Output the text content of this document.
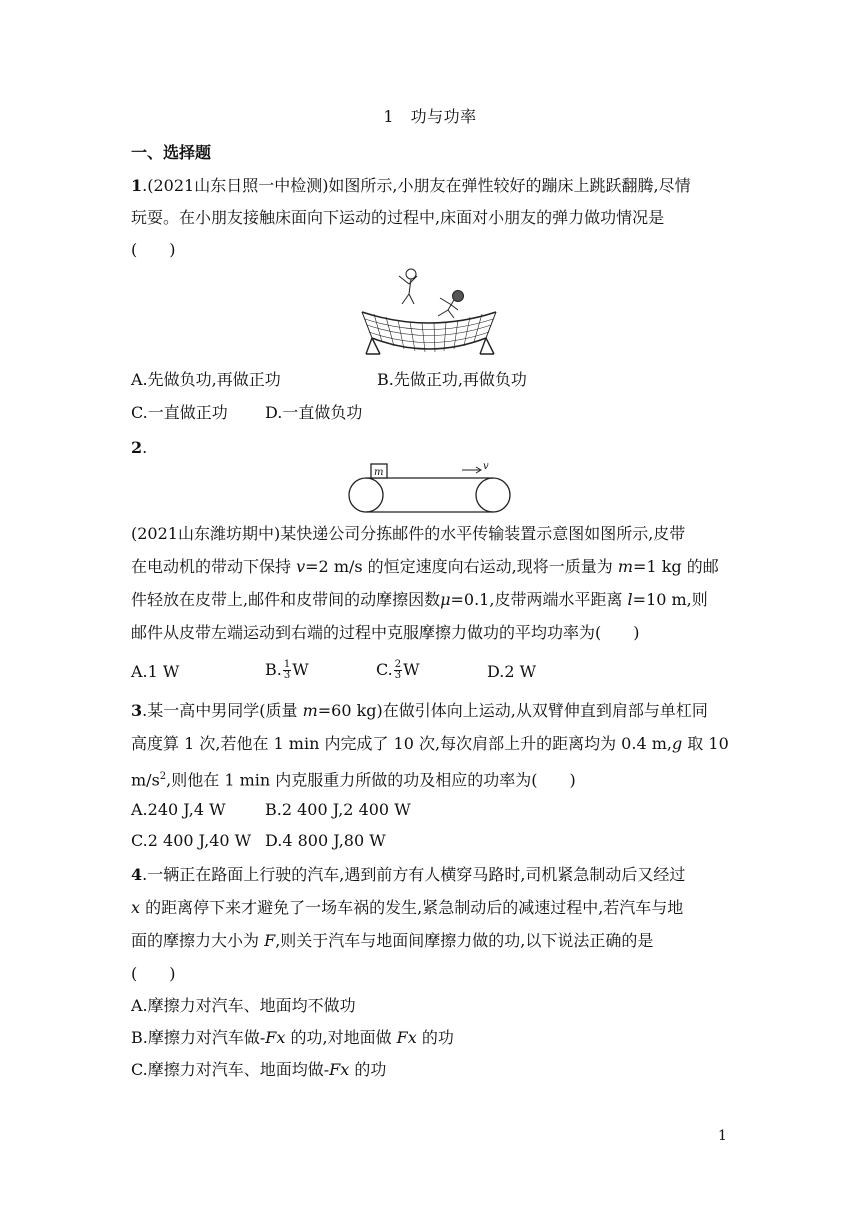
1　功与功率
一、选择题
1.(2021山东日照一中检测)如图所示,小朋友在弹性较好的蹦床上跳跃翻腾,尽情
玩耍。在小朋友接触床面向下运动的过程中,床面对小朋友的弹力做功情况是
(　　)
A.先做负功,再做正功	B.先做正功,再做负功
C.一直做正功 D.一直做负功
2.
m
v
(2021山东潍坊期中)某快递公司分拣邮件的水平传输装置示意图如图所示,皮带
在电动机的带动下保持 v=2 m/s 的恒定速度向右运动,现将一质量为 m=1 kg 的邮
件轻放在皮带上,邮件和皮带间的动摩擦因数μ=0.1,皮带两端水平距离 l=10 m,则
邮件从皮带左端运动到右端的过程中克服摩擦力做功的平均功率为(　　)
A.1 W	B. $\frac{1}{3}$ W	C. $\frac{2}{3}$ W	D.2 W
3.某一高中男同学(质量 m=60 kg)在做引体向上运动,从双臂伸直到肩部与单杠同
高度算 1 次,若他在 1 min 内完成了 10 次,每次肩部上升的距离均为 0.4 m,g 取 10
$m/s^2$,则他在 1 min 内克服重力所做的功及相应的功率为(　　)
A.240 J,4 W B.2 400 J,2 400 W
C.2 400 J,40 W D.4 800 J,80 W
4.一辆正在路面上行驶的汽车,遇到前方有人横穿马路时,司机紧急制动后又经过
x 的距离停下来才避免了一场车祸的发生,紧急制动后的减速过程中,若汽车与地
面的摩擦力大小为 F,则关于汽车与地面间摩擦力做的功,以下说法正确的是
(　　)
A.摩擦力对汽车、地面均不做功
B.摩擦力对汽车做-Fx 的功,对地面做 Fx 的功
C.摩擦力对汽车、地面均做-Fx 的功
1
